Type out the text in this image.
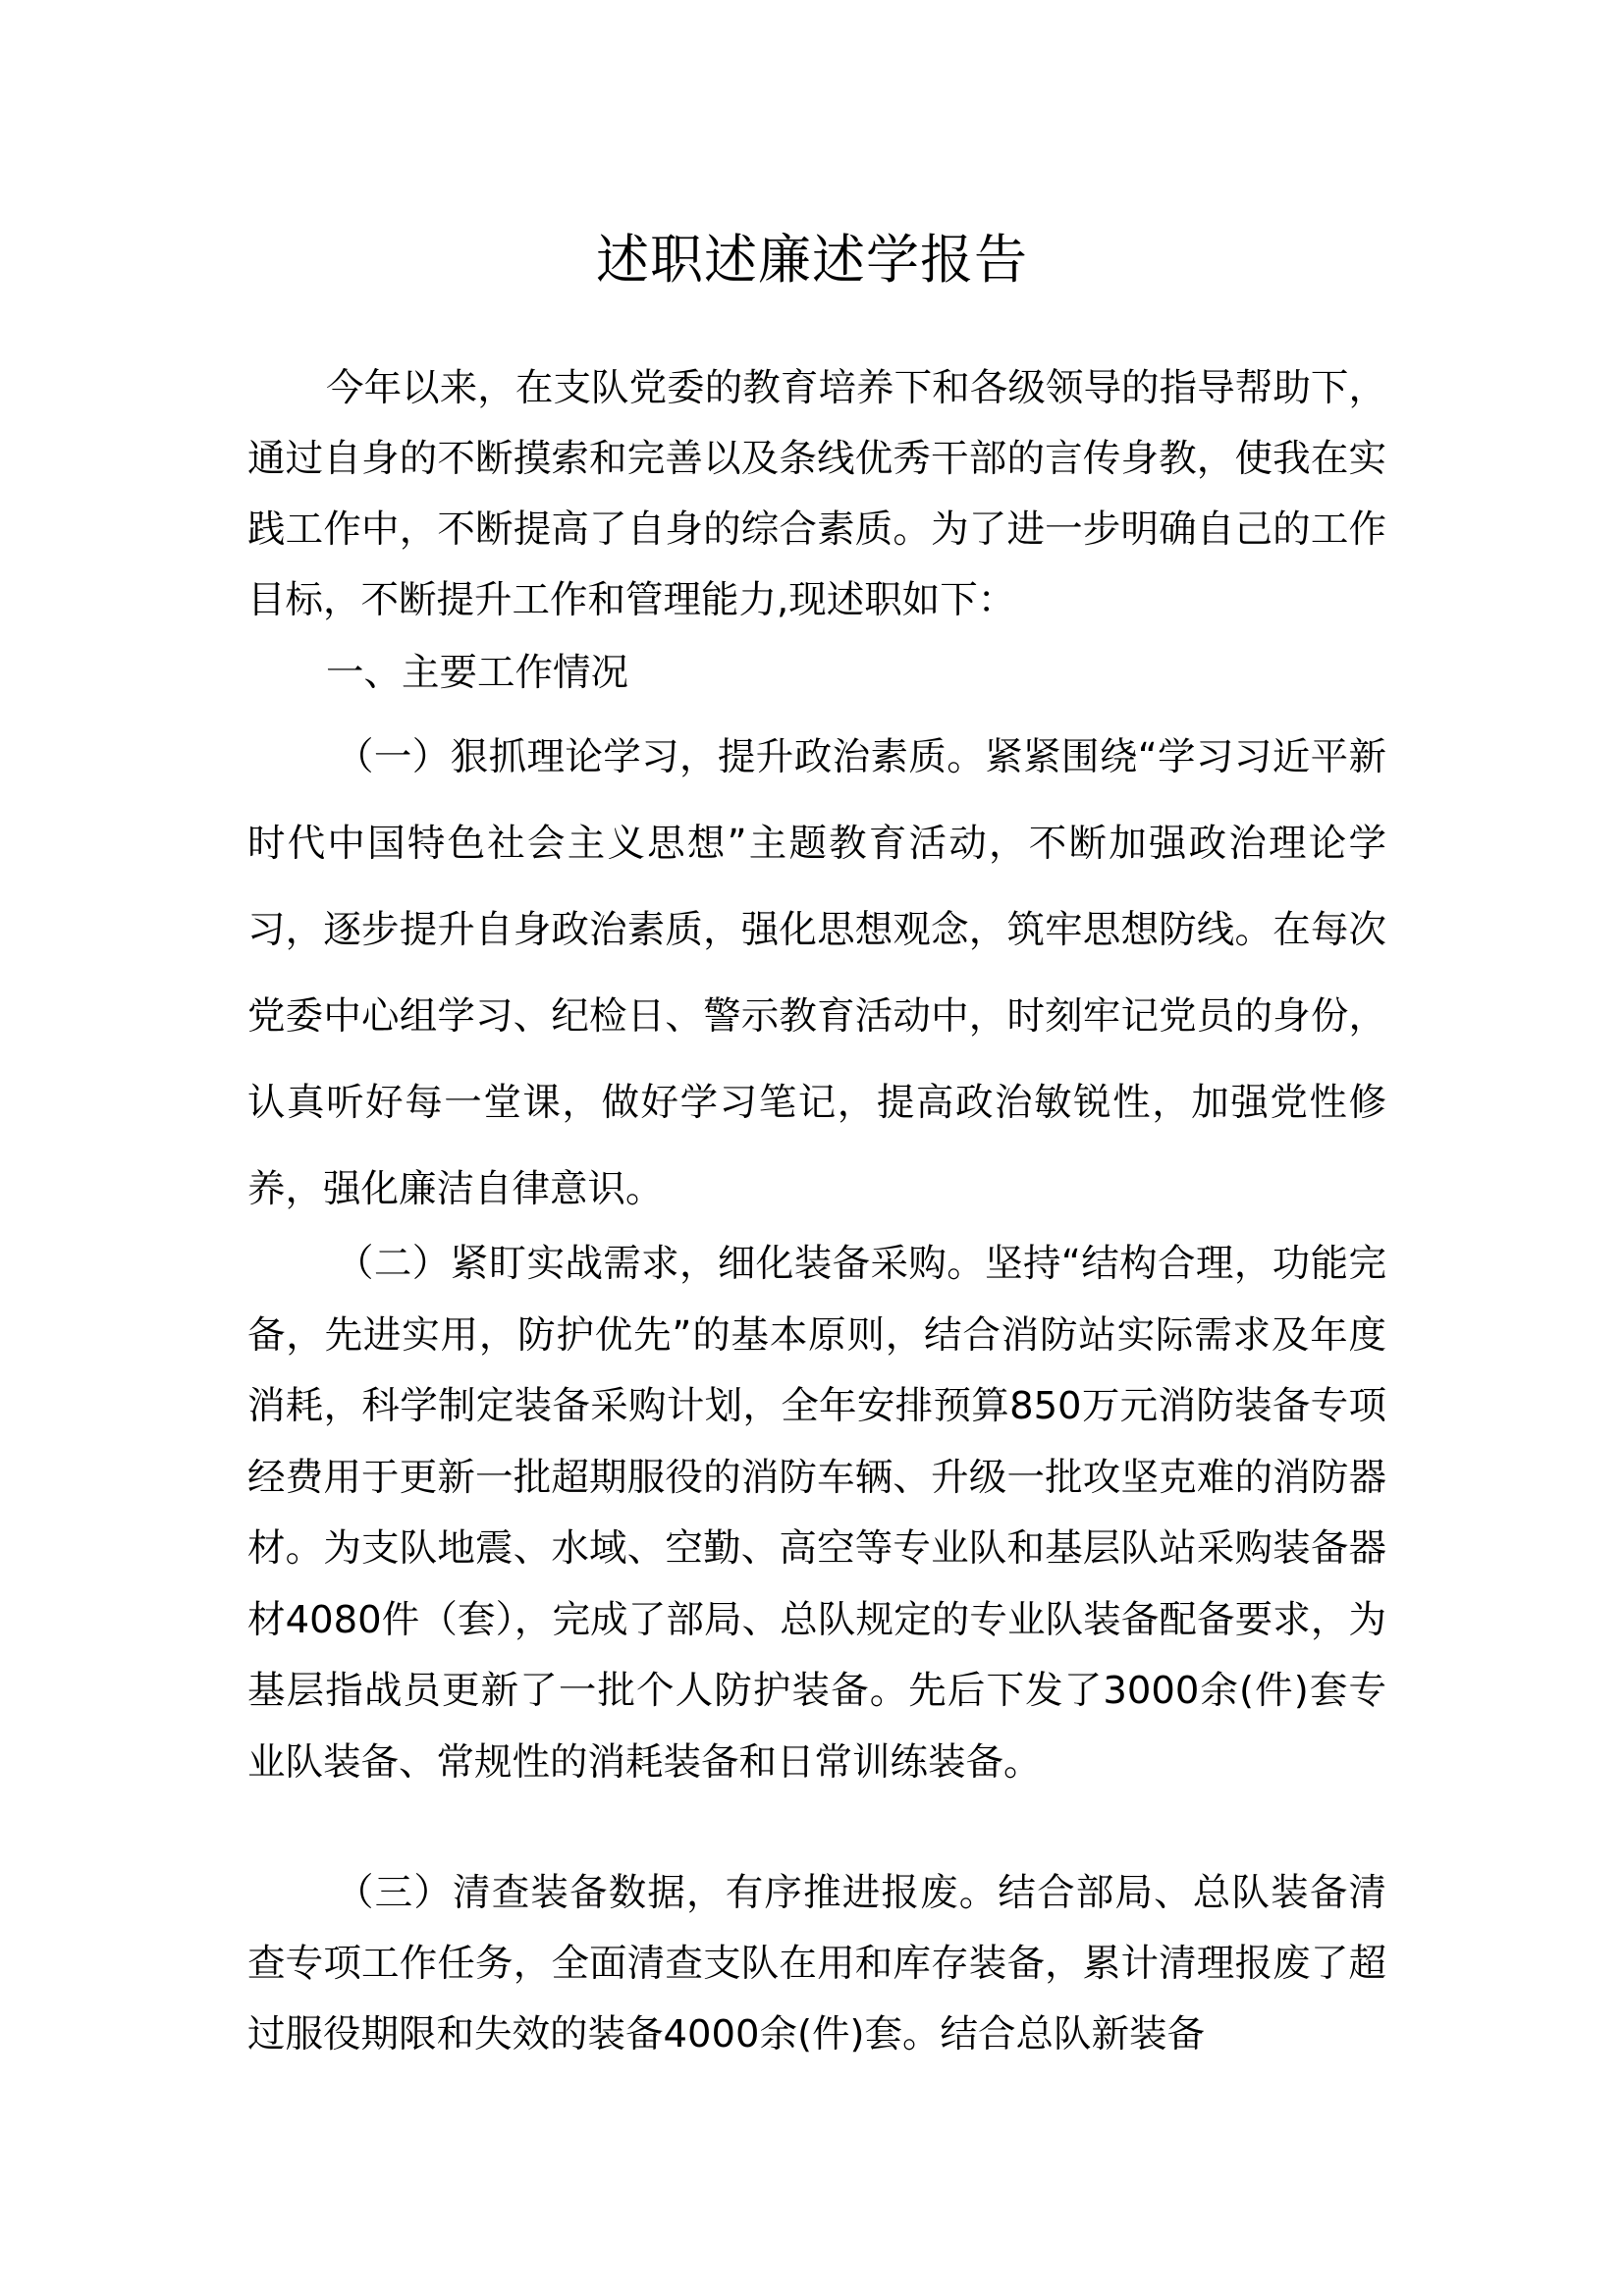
述职述廉述学报告

今年以来，在支队党委的教育培养下和各级领导的指导帮助下，通过自身的不断摸索和完善以及条线优秀干部的言传身教，使我在实践工作中，不断提高了自身的综合素质。为了进一步明确自己的工作目标，不断提升工作和管理能力,现述职如下：

一、主要工作情况

（一）狠抓理论学习，提升政治素质。紧紧围绕“学习习近平新时代中国特色社会主义思想”主题教育活动，不断加强政治理论学习，逐步提升自身政治素质，强化思想观念，筑牢思想防线。在每次党委中心组学习、纪检日、警示教育活动中，时刻牢记党员的身份，认真听好每一堂课，做好学习笔记，提高政治敏锐性，加强党性修养，强化廉洁自律意识。

（二）紧盯实战需求，细化装备采购。坚持“结构合理，功能完备，先进实用，防护优先”的基本原则，结合消防站实际需求及年度消耗，科学制定装备采购计划，全年安排预算850万元消防装备专项经费用于更新一批超期服役的消防车辆、升级一批攻坚克难的消防器材。为支队地震、水域、空勤、高空等专业队和基层队站采购装备器材4080件（套），完成了部局、总队规定的专业队装备配备要求，为基层指战员更新了一批个人防护装备。先后下发了3000余(件)套专业队装备、常规性的消耗装备和日常训练装备。

（三）清查装备数据，有序推进报废。结合部局、总队装备清查专项工作任务，全面清查支队在用和库存装备，累计清理报废了超过服役期限和失效的装备4000余(件)套。结合总队新装备
